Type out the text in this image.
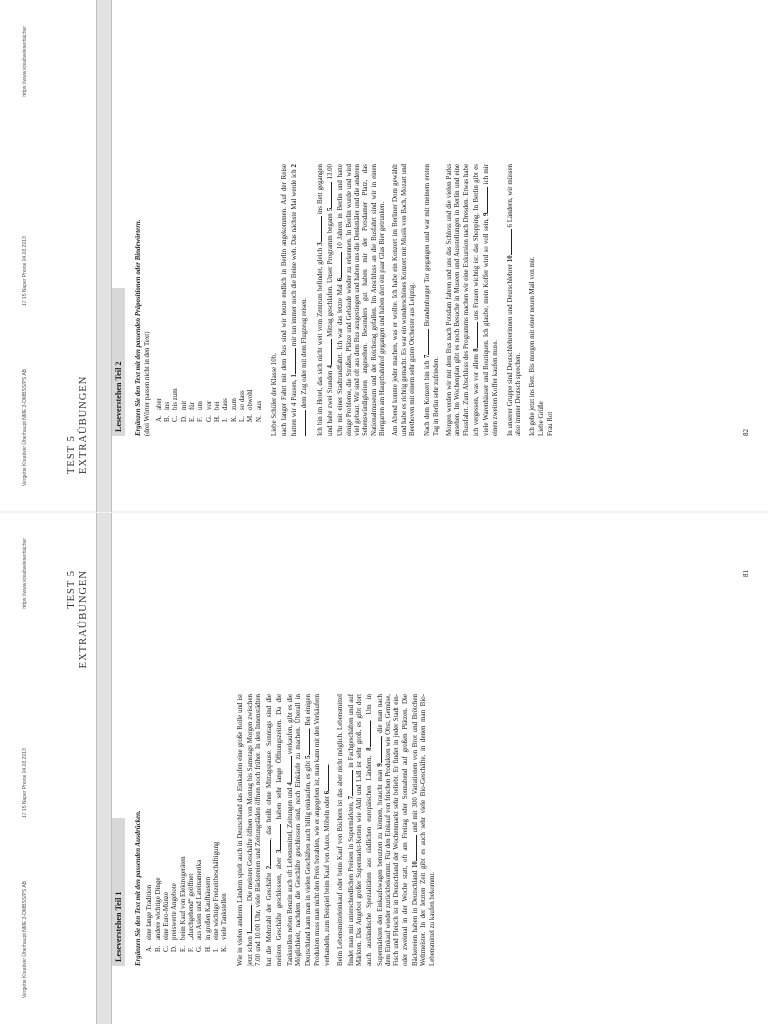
Vergebe Kreativer Überhaupt NME 3-OMBSS/PS AB
17 15 Naper Phone 04.03.2013
https://www.kreativeleserbücher	TEST 5 EXTRAÜBUNGEN
Leseverstehen Teil 1 Ergänzen Sie den Text mit den passenden Ausdrücken. A.eine lange Tradition
B.andere wichtige Dinge
C.eine Euro-Münze
D.preiswerte Angebote
E.beim Kauf von Elektrogeräten
F.„durchgehend“ geöffnet
G.aus Asien und Lateinamerika
H.in großen Kaufhäusern
I.eine wichtige Freizeitbeschäftigung
K.viele Tankstellen Wie in vielen anderen Ländern spielt auch in Deutschland das Einkaufen eine große Rolle und ist jetzt schon 1. Die meisten Geschäfte öffnen von Montag bis Samstags Morgen zwischen 7.00 und 10.00 Uhr, viele Bäckereien und Zeitungsläden öffnen noch früher. In den Innenstädten hat die Mehrzahl der Geschäfte 2, das heißt ohne Mittagspause. Sonntags sind die meisten Geschäfte geschlossen, aber 3 haben sehr lange Öffnungszeiten. Da die Tankstellen neben Benzin auch oft Lebensmittel, Zeitungen und 4 verkaufen, gibt es die Möglichkeit, nachdem die Geschäfte geschlossen sind, noch Einkäufe zu machen. Überall in Deutschland kann man in vielen Geschäften auch billig einkaufen, es gibt 5. Bei einigen Produkten muss man nicht den Preis bezahlen, wie er angegeben ist, man kann mit den Verkäufern verhandeln, zum Beispiel beim Kauf von Autos, Möbeln oder 6. Beim Lebensmitteleinkauf oder beim Kauf von Büchern ist das aber nicht möglich. Lebensmittel findet man mit unterschiedlichen Preisen in Supermärkten, 7 in Fachgeschäften und auf Märkten. Das Angebot großer Supermarkt-Ketten wie Aldi und Lidl ist sehr groß, es gibt dort auch ausländische Spezialitäten aus südlichen europäischen Ländern, 8. Um in Supermärkten den Einkaufswagen benutzen zu können, braucht man 9, die man nach dem Einkauf wieder zurückbekommt. Für den Einkauf von frischen Produkten wie Obst, Gemüse, Fisch und Fleisch ist in Deutschland der Wochenmarkt sehr beliebt. Er findet in jeder Stadt ein- oder zweimal in der Woche statt, oft am Freitag oder Sonnabend auf großen Plätzen. Die Bäckereien haben in Deutschland 10 und mit 300 Variationen von Brot und Brötchen Weltmeister. In der letzten Zeit gibt es auch sehr viele Bio-Geschäfte, in denen man Bio-Lebensmittel zu kaufen bekommt.

81
Vergebe Kreativer Überhaupt NME 3-OMBSS/PS AB
17 15 Naper Phone 04.03.2013
https://www.kreativeleserbücher
TEST 5 EXTRAÜBUNGEN	Leseverstehen Teil 2 Ergänzen Sie den Text mit den passenden Präpositionen oder Bindewörtern. (drei Wörter passen nicht in den Text) A.aber
B.ins
C.bis zum
D.mit
E.für
F.um
G.vor
H.bei
I.dass
K.zum
L.so dass
M.obwohl
N.aus Liebe Schüler der Klasse 10b, nach langer Fahrt mit dem Bus sind wir heute endlich in Berlin angekommen. Auf der Reise hatten wir 4 Pausen, 1 mir tun immer noch die Beine weh. Das nächste Mal werde ich 2 dem Zug oder mit dem Flugzeug reisen. Ich bin im Hotel, das sich nicht weit vom Zentrum befindet, gleich 3 ins Bett gegangen und habe zwei Stunden 4 Mittag geschlafen. Unser Programm begann 5 13.00 Uhr mit einer Stadtrundfahrt. Ich war das letzte Mal 6 10 Jahren in Berlin und hatte einige Probleme, die Straßen, Plätze und Gebäude wieder zu erkennen. In Berlin wurde und wird viel gebaut. Wir sind oft aus dem Bus ausgestiegen und haben uns die Denkmäler und die anderen Sehenswürdigkeiten angesehen. Besonders gut haben mir der Potsdamer Platz, das Nationalmuseum und der Reichstag gefallen. Im Anschluss an die Busfahrt sind wir in einen Biergarten am Hauptbahnhof gegangen und haben dort ein paar Glas Bier getrunken. Am Abend konnte jeder machen, was er wollte. Ich habe ein Konzert im Berliner Dom gewählt und habe es richtig gemacht. Es war ein wunderschönes Konzert mit Musik von Bach, Mozart und Beethoven mit einem sehr guten Orchester aus Leipzig. Nach dem Konzert bin ich 7 Brandenburger Tor gegangen und war mit meinem ersten Tag in Berlin sehr zufrieden. Morgen werden wir mit dem Bus nach Potsdam fahren und uns das Schloss und die vielen Parks ansehen. Im Wochenplan gibt es noch Besuche in Museen und Ausstellungen in Berlin und eine Flussfahrt. Zum Abschluss des Programms machen wir eine Exkursion nach Dresden. Etwas habe ich vergessen, was vor allem 8 uns Frauen wichtig ist: das Shopping. In Berlin gibt es viele Warenhäuser und Boutiquen. Ich glaube, mein Koffer wird so voll sein, 9 ich mir einen zweiten Koffer kaufen muss. In unserer Gruppe sind Deutschlehrerinnen und Deutschlehrer 10 6 Ländern, wir müssen also immer Deutsch sprechen. Ich gehe jetzt ins Bett. Bis morgen mit einer neuen Mail von mir. Liebe Grüße Frau Rot	82
